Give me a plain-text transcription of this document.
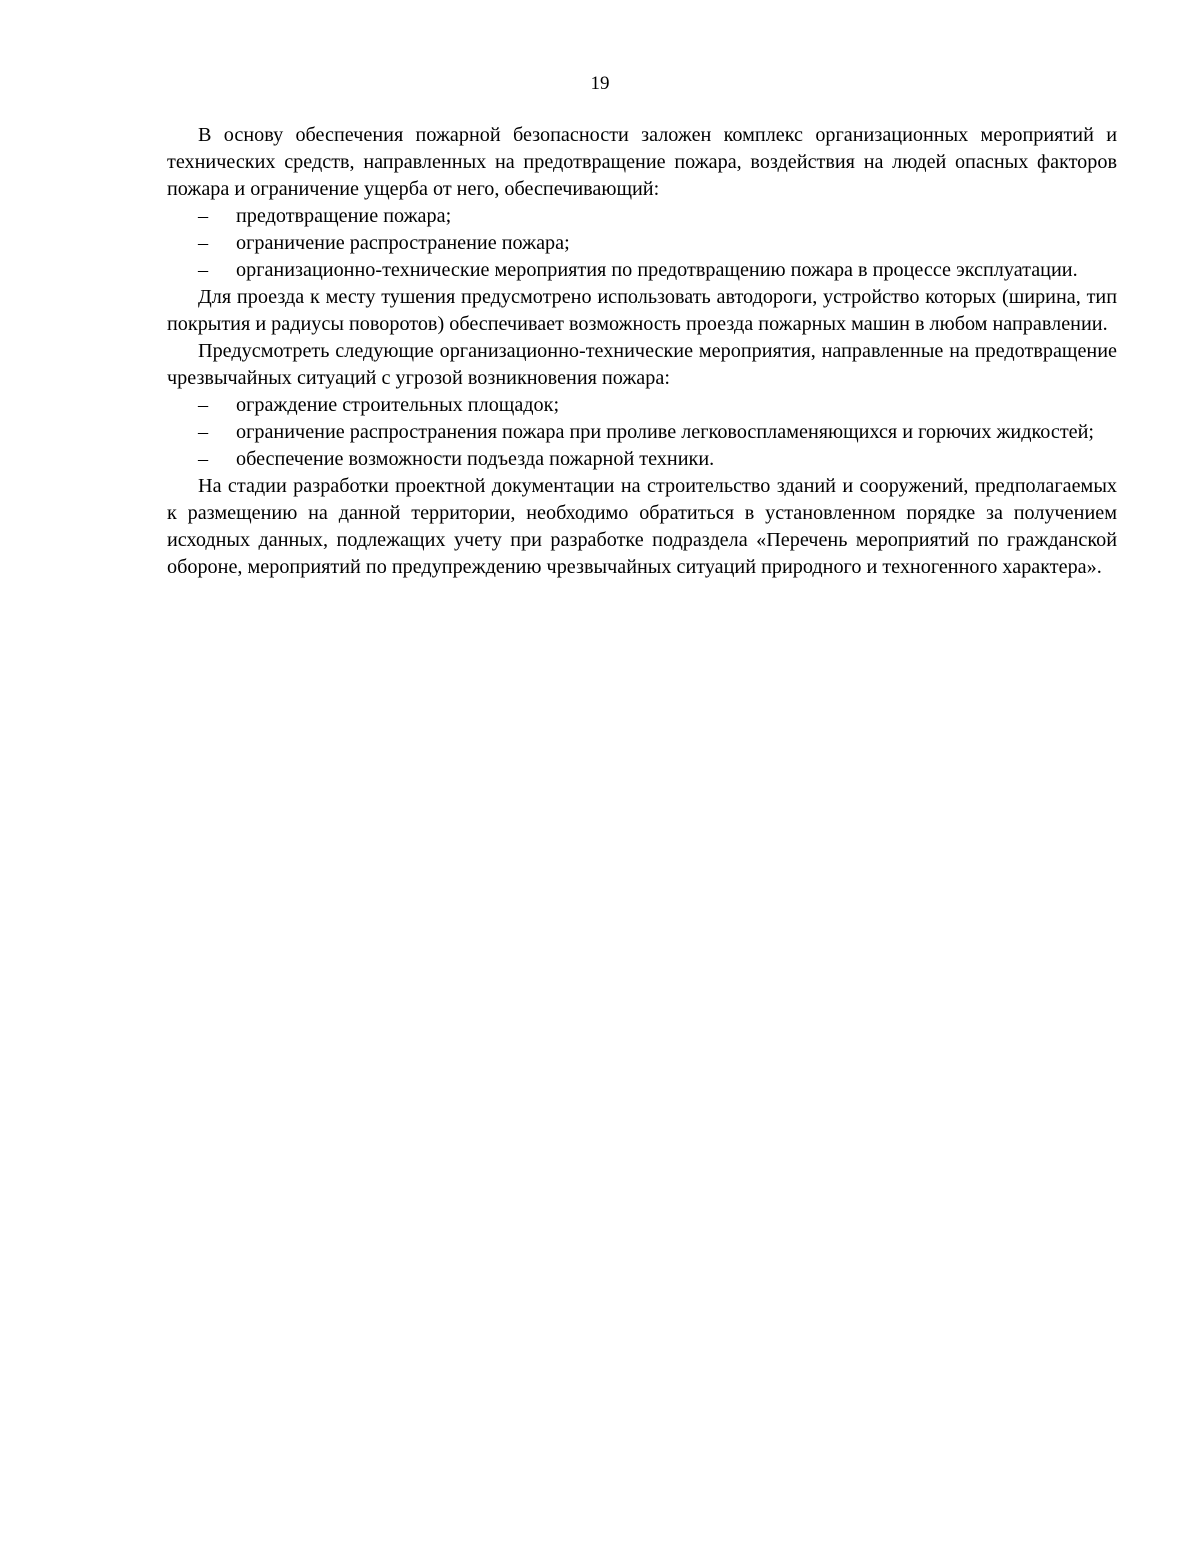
19

В основу обеспечения пожарной безопасности заложен комплекс организационных мероприятий и технических средств, направленных на предотвращение пожара, воздействия на людей опасных факторов пожара и ограничение ущерба от него, обеспечивающий:

– предотвращение пожара;

– ограничение распространение пожара;

– организационно-технические мероприятия по предотвращению пожара в процессе эксплуатации.

Для проезда к месту тушения предусмотрено использовать автодороги, устройство которых (ширина, тип покрытия и радиусы поворотов) обеспечивает возможность проезда пожарных машин в любом направлении.

Предусмотреть следующие организационно-технические мероприятия, направленные на предотвращение чрезвычайных ситуаций с угрозой возникновения пожара:

– ограждение строительных площадок;

– ограничение распространения пожара при проливе легковоспламеняющихся и горючих жидкостей;

– обеспечение возможности подъезда пожарной техники.

На стадии разработки проектной документации на строительство зданий и сооружений, предполагаемых к размещению на данной территории, необходимо обратиться в установленном порядке за получением исходных данных, подлежащих учету при разработке подраздела «Перечень мероприятий по гражданской обороне, мероприятий по предупреждению чрезвычайных ситуаций природного и техногенного характера».
